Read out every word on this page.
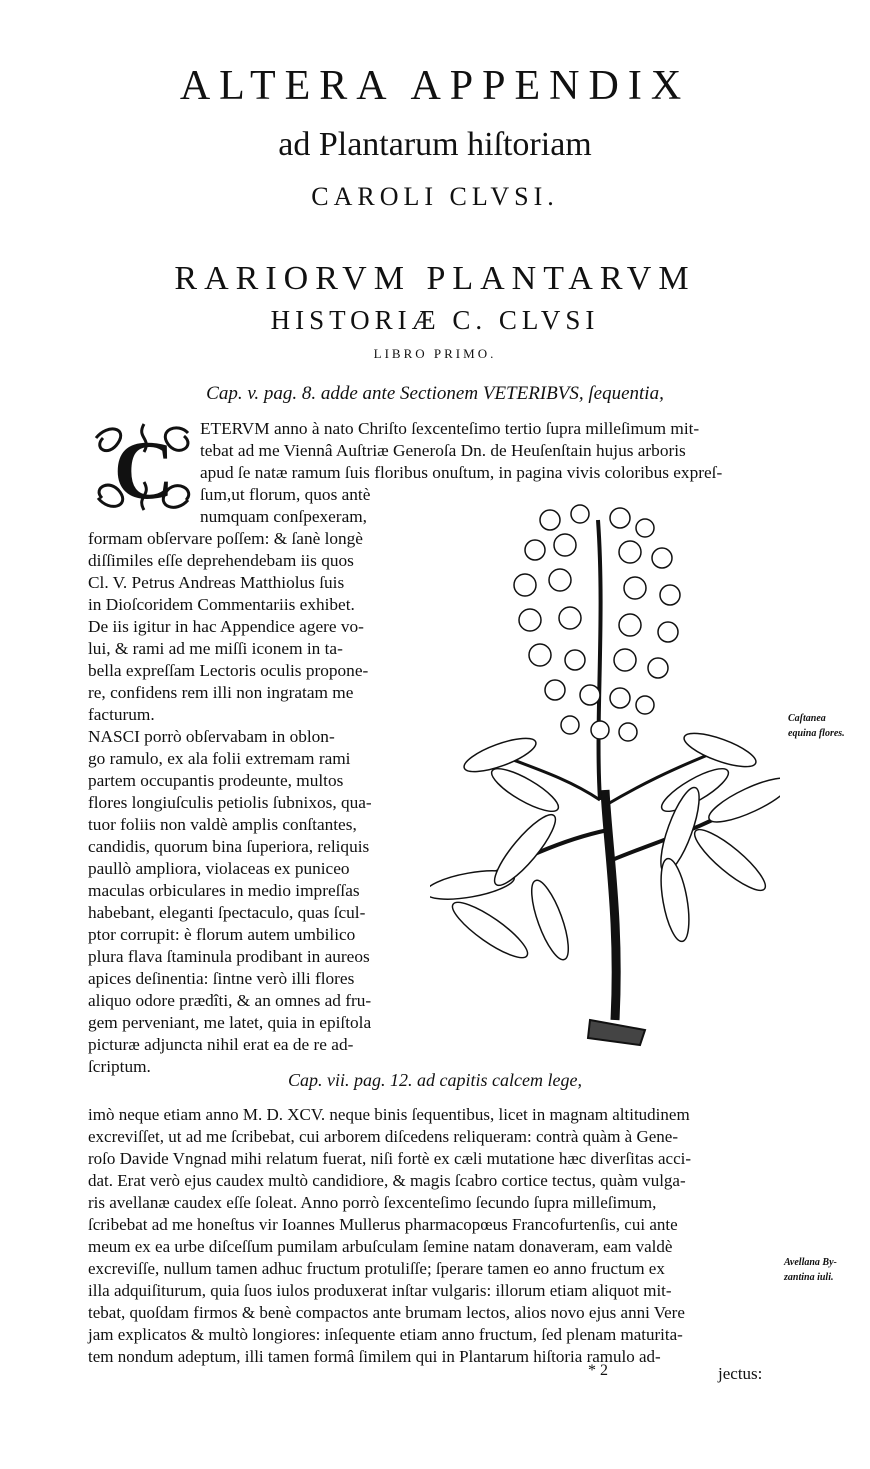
ALTERA APPENDIX
ad Plantarum hiſtoriam
CAROLI CLVSI.
RARIORVM PLANTARVM
HISTORIÆ C. CLVSI
LIBRO PRIMO.
Cap. v. pag. 8. adde ante Sectionem VETERIBVS, ſequentia,
C ETERVM anno à nato Chriſto ſexcenteſimo tertio ſupra milleſimum mit-
tebat ad me Viennâ Auſtriæ Generoſa Dn. de Heuſenſtain hujus arboris
apud ſe natæ ramum ſuis floribus onuſtum, in pagina vivis coloribus expreſ-
ſum,ut florum, quos antè
numquam conſpexeram,
formam obſervare poſſem: & ſanè longè
diſſimiles eſſe deprehendebam iis quos
Cl. V. Petrus Andreas Matthiolus ſuis
in Dioſcoridem Commentariis exhibet.
De iis igitur in hac Appendice agere vo-
lui, & rami ad me miſſi iconem in ta-
bella expreſſam Lectoris oculis propone-
re, confidens rem illi non ingratam me
facturum.
NASCI porrò obſervabam in oblon-
go ramulo, ex ala folii extremam rami
partem occupantis prodeunte, multos
flores longiuſculis petiolis ſubnixos, qua-
tuor foliis non valdè amplis conſtantes,
candidis, quorum bina ſuperiora, reliquis
paullò ampliora, violaceas ex puniceo
maculas orbiculares in medio impreſſas
habebant, eleganti ſpectaculo, quas ſcul-
ptor corrupit: è florum autem umbilico
plura flava ſtaminula prodibant in aureos
apices deſinentia: ſintne verò illi flores
aliquo odore prædîti, & an omnes ad fru-
gem perveniant, me latet, quia in epiſtola
picturæ adjuncta nihil erat ea de re ad-
ſcriptum.
Caſtanea
equina flores.
Cap. vii. pag. 12. ad capitis calcem lege,
imò neque etiam anno M. D. XCV. neque binis ſequentibus, licet in magnam altitudinem
excreviſſet, ut ad me ſcribebat, cui arborem diſcedens reliqueram: contrà quàm à Gene-
roſo Davide Vngnad mihi relatum fuerat, niſi fortè ex cæli mutatione hæc diverſitas acci-
dat. Erat verò ejus caudex multò candidiore, & magis ſcabro cortice tectus, quàm vulga-
ris avellanæ caudex eſſe ſoleat. Anno porrò ſexcenteſimo ſecundo ſupra milleſimum,
ſcribebat ad me honeſtus vir Ioannes Mullerus pharmacopœus Francofurtenſis, cui ante
meum ex ea urbe diſceſſum pumilam arbuſculam ſemine natam donaveram, eam valdè
excreviſſe, nullum tamen adhuc fructum protuliſſe; ſperare tamen eo anno fructum ex
illa adquiſiturum, quia ſuos iulos produxerat inſtar vulgaris: illorum etiam aliquot mit-
tebat, quoſdam firmos & benè compactos ante brumam lectos, alios novo ejus anni Vere
jam explicatos & multò longiores: inſequente etiam anno fructum, ſed plenam maturita-
tem nondum adeptum, illi tamen formâ ſimilem qui in Plantarum hiſtoria ramulo ad-
Avellana By-
zantina iuli.
* 2	jectus:
